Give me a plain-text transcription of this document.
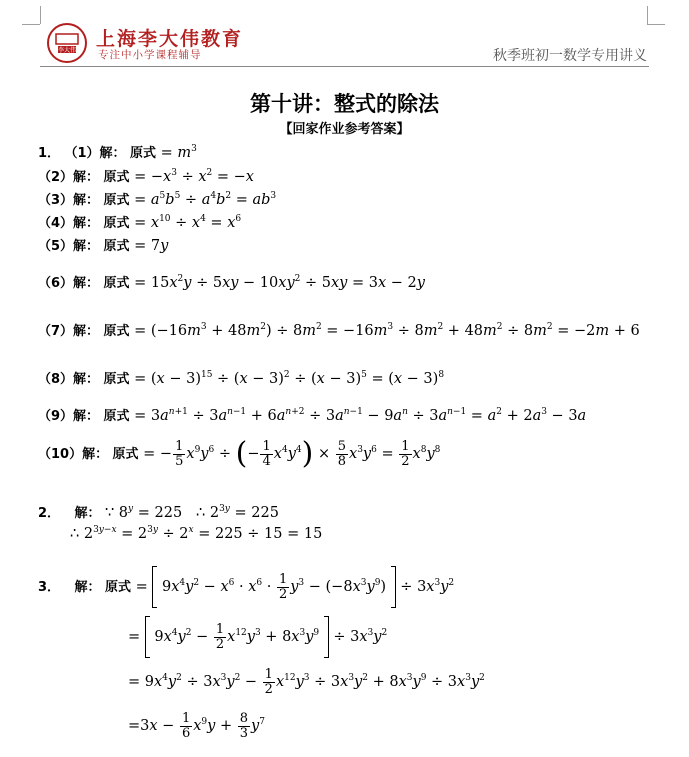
李大伟
上海李大伟教育
专注中小学课程辅导	秋季班初一数学专用讲义
第十讲：整式的除法
【回家作业参考答案】
1． （1）解： 原式 = $m^3$
（2）解： 原式 = $-x^3 \div x^2 = -x$
（3）解： 原式 = $a^5b^5 \div a^4b^2 = ab^3$
（4）解： 原式 = $x^{10} \div x^4 = x^6$
（5）解： 原式 = 7y
（6）解： 原式 = $15x^2y \div 5xy - 10xy^2 \div 5xy = 3x - 2y$
（7）解： 原式 = $(-16m^3 + 48m^2) \div 8m^2 = -16m^3 \div 8m^2 + 48m^2 \div 8m^2 = -2m + 6$
（8）解： 原式 = $(x - 3)^{15} \div (x - 3)^2 \div (x - 3)^5 = (x - 3)^8$
（9）解： 原式 = $3a^{n+1} \div 3a^{n-1} + 6a^{n+2} \div 3a^{n-1} - 9a^n \div 3a^{n-1} = a^2 + 2a^3 - 3a$
（10）解： 原式 = − $\frac{1}{5} x^9y^6$ ÷ (− $\frac{1}{4} x^4y^4) \times \frac{5}{8} x^3y^6 = \frac{1}{2} x^8y^8$
2． 解： ∵ $8^y = 225$   ∴ $2^{3y} = 225$
∴ $2^{3y-x} = 2^{3y} \div 2^x = 225 \div 15 = 15$
3． 解： 原式 =  $9x^4y^2 - x^6 \cdot x^6 \cdot \frac{1}{2} y^3 - (-8x^3y^9) \div 3x^3y^2$
=  $9x^4y^2 - \frac{1}{2} x^{12}y^3 + 8x^3y^9 \div 3x^3y^2$
= $9x^4y^2 \div 3x^3y^2 - \frac{1}{2} x^{12}y^3 \div 3x^3y^2 + 8x^3y^9 \div 3x^3y^2$
$=3x - \frac{1}{6} x^9y + \frac{8}{3} y^7$
